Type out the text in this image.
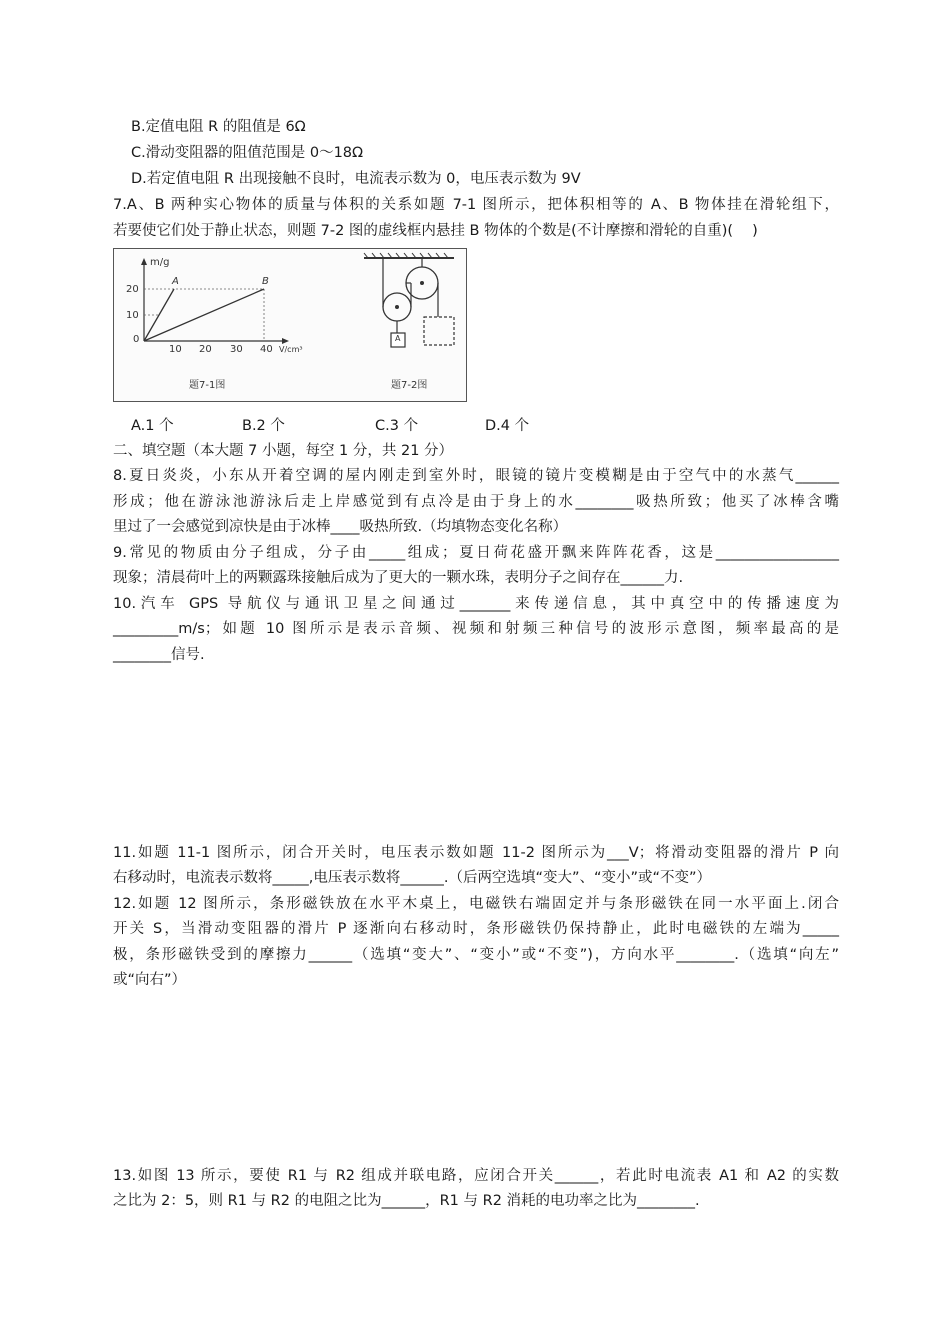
B.定值电阻 R 的阻值是 6Ω
C.滑动变阻器的阻值范围是 0～18Ω
D.若定值电阻 R 出现接触不良时，电流表示数为 0，电压表示数为 9V
7.A、B 两种实心物体的质量与体积的关系如题 7-1 图所示，把体积相等的 A、B 物体挂在滑轮组下，
若要使它们处于静止状态，则题 7-2 图的虚线框内悬挂 B 物体的个数是(不计摩擦和滑轮的自重)(　 )
m/g
V/cm³
20
10
0
10 20 30 40
A	B
A
题7-1图	题7-2图
A.1 个	B.2 个	C.3 个	D.4 个
二、填空题（本大题 7 小题，每空 1 分，共 21 分）
8.夏日炎炎，小东从开着空调的屋内刚走到室外时，眼镜的镜片变模糊是由于空气中的水蒸气______
形成；他在游泳池游泳后走上岸感觉到有点冷是由于身上的水________吸热所致；他买了冰棒含嘴
里过了一会感觉到凉快是由于冰棒____吸热所致.（均填物态变化名称）
9.常见的物质由分子组成，分子由_____组成；夏日荷花盛开飘来阵阵花香，这是_________________
现象；清晨荷叶上的两颗露珠接触后成为了更大的一颗水珠，表明分子之间存在______力.
10.汽车 GPS 导航仪与通讯卫星之间通过_______来传递信息，其中真空中的传播速度为
_________m/s；如题 10 图所示是表示音频、视频和射频三种信号的波形示意图，频率最高的是
________信号.
11.如题 11-1 图所示，闭合开关时，电压表示数如题 11-2 图所示为___V；将滑动变阻器的滑片 P 向
右移动时，电流表示数将_____,电压表示数将______.（后两空选填“变大”、“变小”或“不变”）
12.如题 12 图所示，条形磁铁放在水平木桌上，电磁铁右端固定并与条形磁铁在同一水平面上.闭合
开关 S，当滑动变阻器的滑片 P 逐渐向右移动时，条形磁铁仍保持静止，此时电磁铁的左端为_____
极，条形磁铁受到的摩擦力______（选填“变大”、“变小”或“不变”)，方向水平________.（选填“向左”
或“向右”）
13.如图 13 所示，要使 R1 与 R2 组成并联电路，应闭合开关______，若此时电流表 A1 和 A2 的实数
之比为 2：5，则 R1 与 R2 的电阻之比为______，R1 与 R2 消耗的电功率之比为________.
